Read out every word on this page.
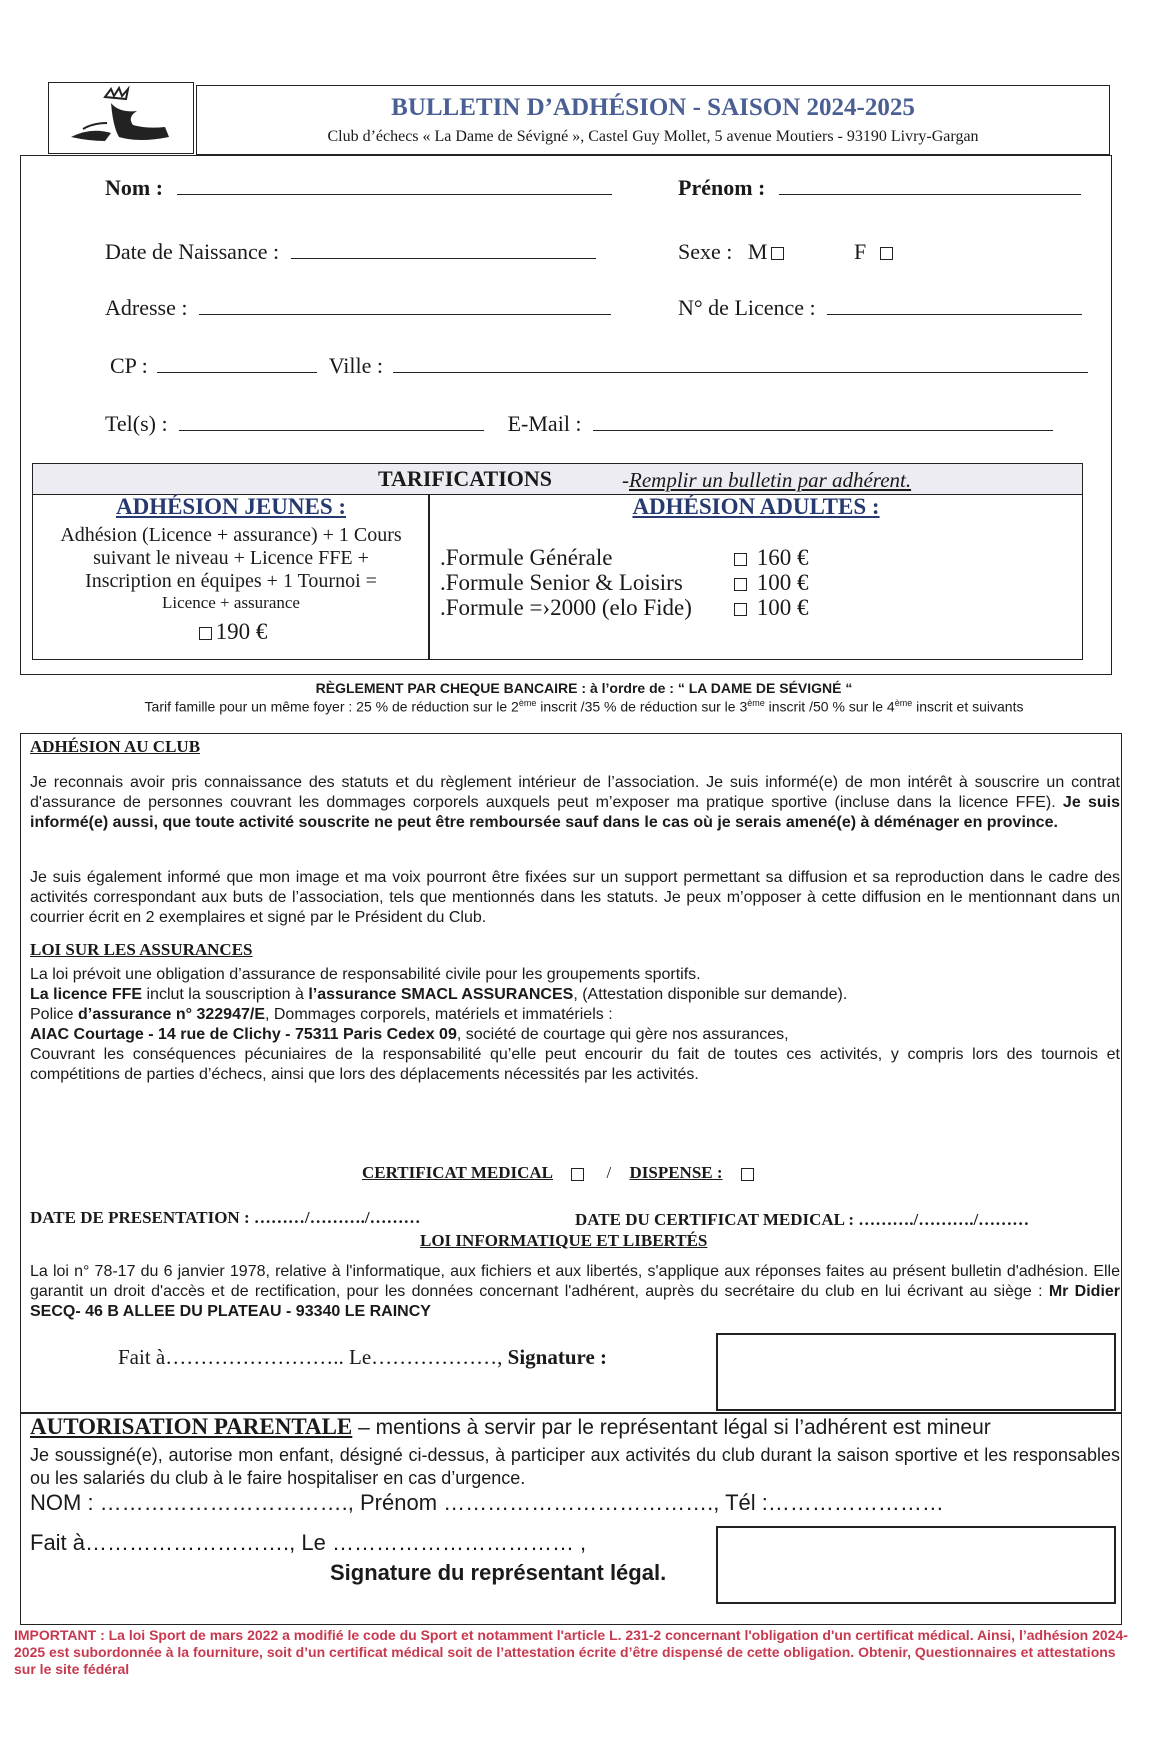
BULLETIN D’ADHÉSION - SAISON 2024-2025
Club d’échecs « La Dame de Sévigné », Castel Guy Mollet, 5 avenue Moutiers - 93190 Livry-Gargan
Nom :	Prénom :
Date de Naissance :	Sexe : M	F
Adresse :	N° de Licence :
CP :	Ville :
Tel(s) :	E-Mail :
TARIFICATIONS	-Remplir un bulletin par adhérent.
ADHÉSION JEUNES :
Adhésion (Licence + assurance) + 1 Cours
suivant le niveau + Licence FFE +
Inscription en équipes + 1 Tournoi =
Licence + assurance
190 €
ADHÉSION ADULTES :
.Formule Générale	160 €
.Formule Senior & Loisirs	100 €
.Formule =›2000 (elo Fide)	100 €
RÈGLEMENT PAR CHEQUE BANCAIRE : à l’ordre de : “ LA DAME DE SÉVIGNÉ “
Tarif famille pour un même foyer : 25 % de réduction sur le 2ème inscrit /35 % de réduction sur le 3ème inscrit /50 % sur le 4ème inscrit et suivants
ADHÉSION AU CLUB
Je reconnais avoir pris connaissance des statuts et du règlement intérieur de l’association. Je suis informé(e) de mon intérêt à souscrire un contrat d'assurance de personnes couvrant les dommages corporels auxquels peut m’exposer ma pratique sportive (incluse dans la licence FFE). Je suis informé(e) aussi, que toute activité souscrite ne peut être remboursée sauf dans le cas où je serais amené(e) à déménager en province.
Je suis également informé que mon image et ma voix pourront être fixées sur un support permettant sa diffusion et sa reproduction dans le cadre des activités correspondant aux buts de l’association, tels que mentionnés dans les statuts. Je peux m’opposer à cette diffusion en le mentionnant dans un courrier écrit en 2 exemplaires et signé par le Président du Club.
LOI SUR LES ASSURANCES

La loi prévoit une obligation d’assurance de responsabilité civile pour les groupements sportifs.

La licence FFE inclut la souscription à l’assurance SMACL ASSURANCES, (Attestation disponible sur demande).

Police d’assurance n° 322947/E, Dommages corporels, matériels et immatériels :

AIAC Courtage - 14 rue de Clichy - 75311 Paris Cedex 09, société de courtage qui gère nos assurances,

Couvrant les conséquences pécuniaires de la responsabilité qu’elle peut encourir du fait de toutes ces activités, y compris lors des tournois et compétitions de parties d’échecs, ainsi que lors des déplacements nécessités par les activités.

CERTIFICAT MEDICAL	/ DISPENSE :
DATE DE PRESENTATION : ………/………./………	DATE DU CERTIFICAT MEDICAL : ………./………./………
LOI INFORMATIQUE ET LIBERTÉS
La loi n° 78-17 du 6 janvier 1978, relative à l'informatique, aux fichiers et aux libertés, s'applique aux réponses faites au présent bulletin d'adhésion. Elle garantit un droit d'accès et de rectification, pour les données concernant l'adhérent, auprès du secrétaire du club en lui écrivant au siège : Mr Didier SECQ- 46 B ALLEE DU PLATEAU - 93340 LE RAINCY
Fait à…………………….. Le………………, Signature :
AUTORISATION PARENTALE – mentions à servir par le représentant légal si l’adhérent est mineur
Je soussigné(e), autorise mon enfant, désigné ci-dessus, à participer aux activités du club durant la saison sportive et les responsables ou les salariés du club à le faire hospitaliser en cas d’urgence.
NOM : ……………………………., Prénom ………………………………., Tél :……………………
Fait à………………………., Le …………………………… ,
Signature du représentant légal.
IMPORTANT : La loi Sport de mars 2022 a modifié le code du Sport et notamment l'article L. 231-2 concernant l'obligation d'un certificat médical. Ainsi, l’adhésion 2024-2025 est subordonnée à la fourniture, soit d’un certificat médical soit de l’attestation écrite d’être dispensé de cette obligation. Obtenir, Questionnaires et attestations sur le site fédéral
